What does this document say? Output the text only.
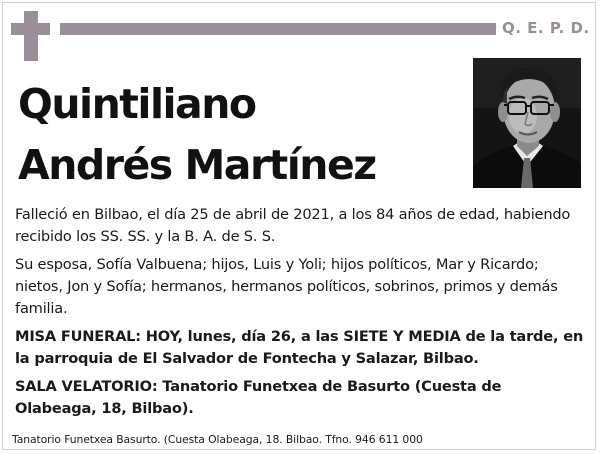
Q. E. P. D.
Quintiliano
Andrés Martínez
Falleció en Bilbao, el día 25 de abril de 2021, a los 84 años de edad, habiendo recibido los SS. SS. y la B. A. de S. S.
Su esposa, Sofía Valbuena; hijos, Luis y Yoli; hijos políticos, Mar y Ricardo; nietos, Jon y Sofía; hermanos, hermanos políticos, sobrinos, primos y demás familia.
MISA FUNERAL: HOY, lunes, día 26, a las SIETE Y MEDIA de la tarde, en la parroquia de El Salvador de Fontecha y Salazar, Bilbao.
SALA VELATORIO: Tanatorio Funetxea de Basurto (Cuesta de Olabeaga, 18, Bilbao).
Tanatorio Funetxea Basurto. (Cuesta Olabeaga, 18. Bilbao. Tfno. 946 611 000
